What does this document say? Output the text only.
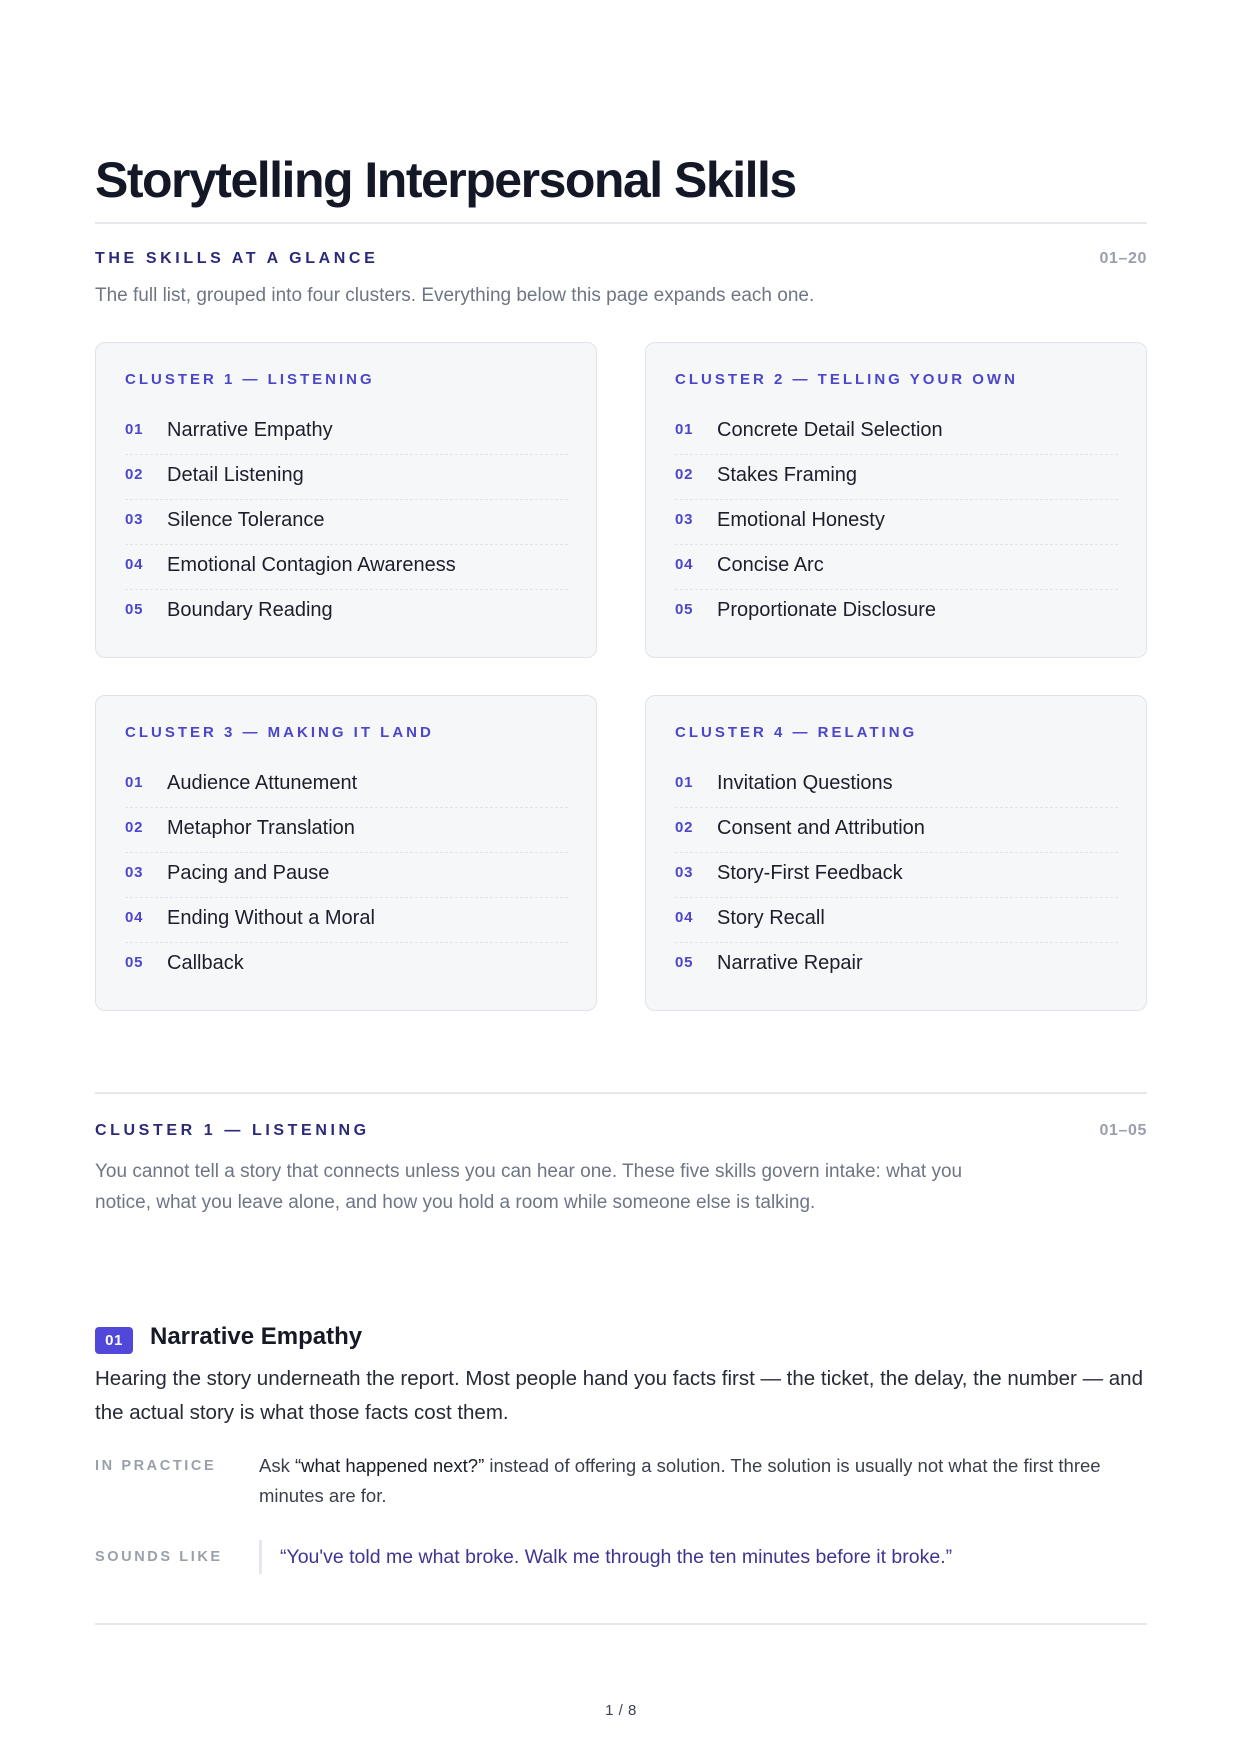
Storytelling Interpersonal Skills
THE SKILLS AT A GLANCE	01–20

The full list, grouped into four clusters. Everything below this page expands each one.

CLUSTER 1 — LISTENING
01 Narrative Empathy
02 Detail Listening
03 Silence Tolerance
04 Emotional Contagion Awareness
05 Boundary Reading
CLUSTER 2 — TELLING YOUR OWN
01 Concrete Detail Selection
02 Stakes Framing
03 Emotional Honesty
04 Concise Arc
05 Proportionate Disclosure
CLUSTER 3 — MAKING IT LAND
01 Audience Attunement
02 Metaphor Translation
03 Pacing and Pause
04 Ending Without a Moral
05 Callback
CLUSTER 4 — RELATING
01 Invitation Questions
02 Consent and Attribution
03 Story-First Feedback
04 Story Recall
05 Narrative Repair
CLUSTER 1 — LISTENING	01–05

You cannot tell a story that connects unless you can hear one. These five skills govern intake: what you notice, what you leave alone, and how you hold a room while someone else is talking.

01	Narrative Empathy

Hearing the story underneath the report. Most people hand you facts first — the ticket, the delay, the number — and the actual story is what those facts cost them.

IN PRACTICE Ask “what happened next?” instead of offering a solution. The solution is usually not what the first three minutes are for.

SOUNDS LIKE	“You've told me what broke. Walk me through the ten minutes before it broke.”
1 / 8
